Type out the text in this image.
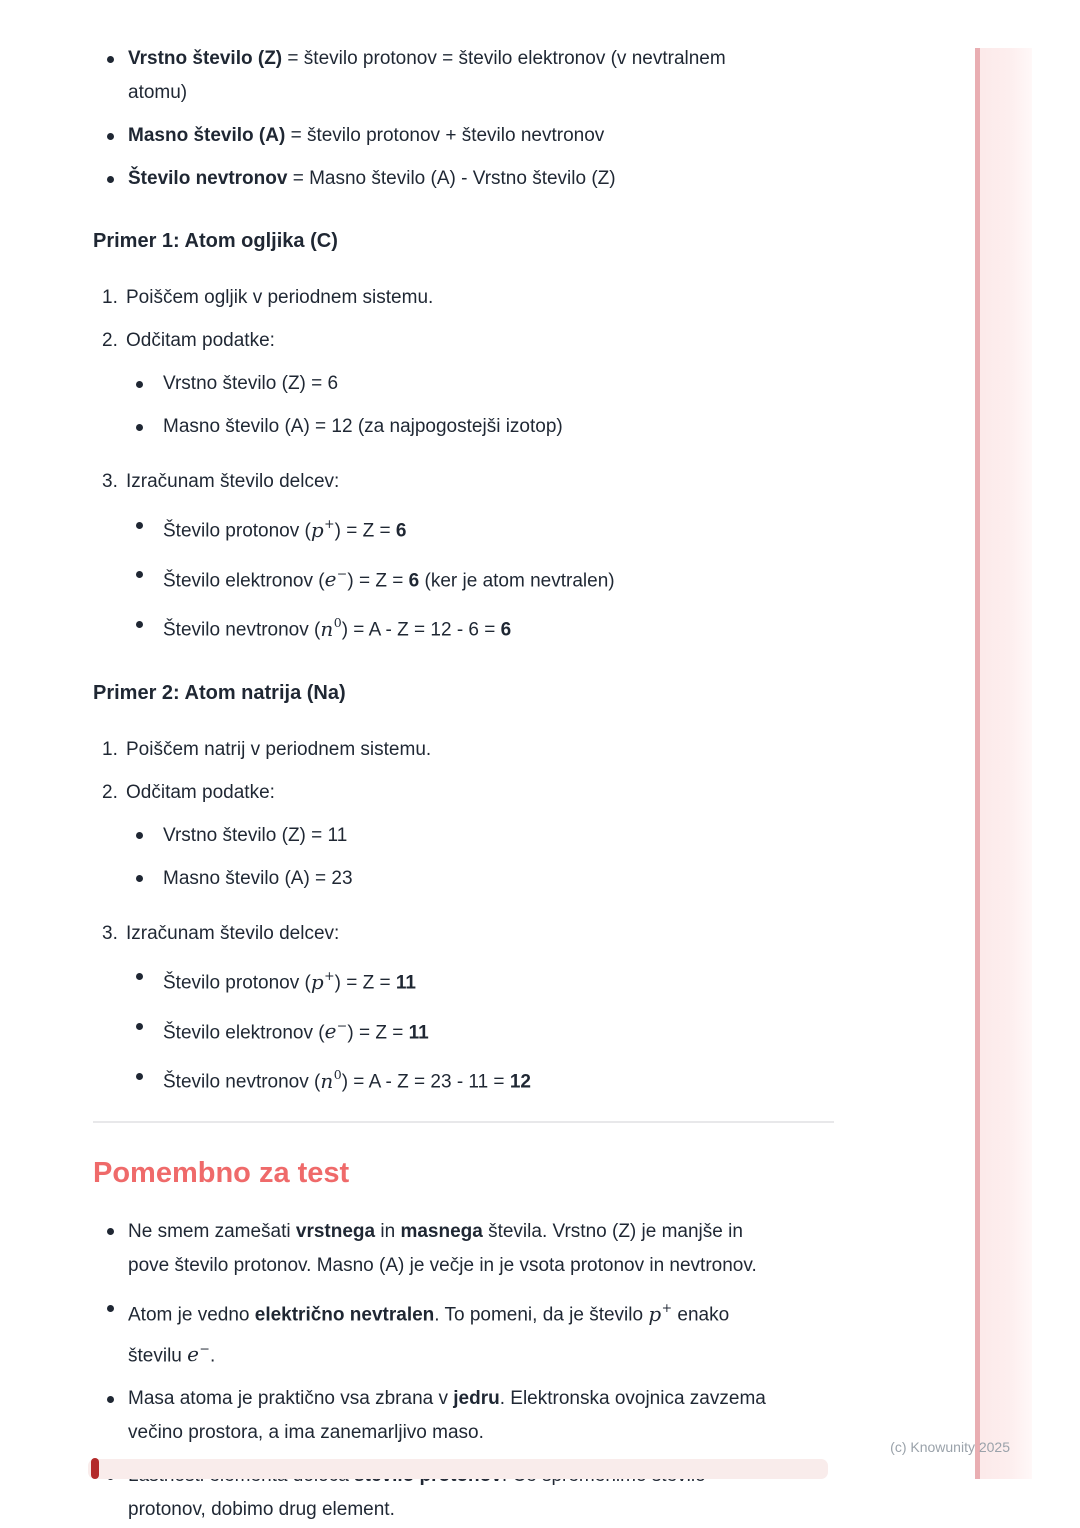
Vrstno število (Z) = število protonov = število elektronov (v nevtralnem
atomu)
Masno število (A) = število protonov + število nevtronov
Število nevtronov = Masno število (A) - Vrstno število (Z)
Primer 1: Atom ogljika (C)
Poiščem ogljik v periodnem sistemu.
Odčitam podatke:
Vrstno število (Z) = 6
Masno število (A) = 12 (za najpogostejši izotop)
Izračunam število delcev:
Število protonov (p+) = Z = 6
Število elektronov (e−) = Z = 6 (ker je atom nevtralen)
Število nevtronov $(n^0) = A - Z = 12 - 6 = 6$
Primer 2: Atom natrija (Na)
Poiščem natrij v periodnem sistemu.
Odčitam podatke:
Vrstno število (Z) = 11
Masno število (A) = 23
Izračunam število delcev:
Število protonov (p+) = Z = 11
Število elektronov (e−) = Z = 11
Število nevtronov $(n^0) = A - Z = 23 - 11 = 12$
Pomembno za test
Ne smem zamešati vrstnega in masnega števila. Vrstno (Z) je manjše in
pove število protonov. Masno (A) je večje in je vsota protonov in nevtronov.
Atom je vedno električno nevtralen. To pomeni, da je število p+ enako
številu e−.
Masa atoma je praktično vsa zbrana v jedru. Elektronska ovojnica zavzema
večino prostora, a ima zanemarljivo maso.

protonov, dobimo drug element.
(c) Knowunity 2025
